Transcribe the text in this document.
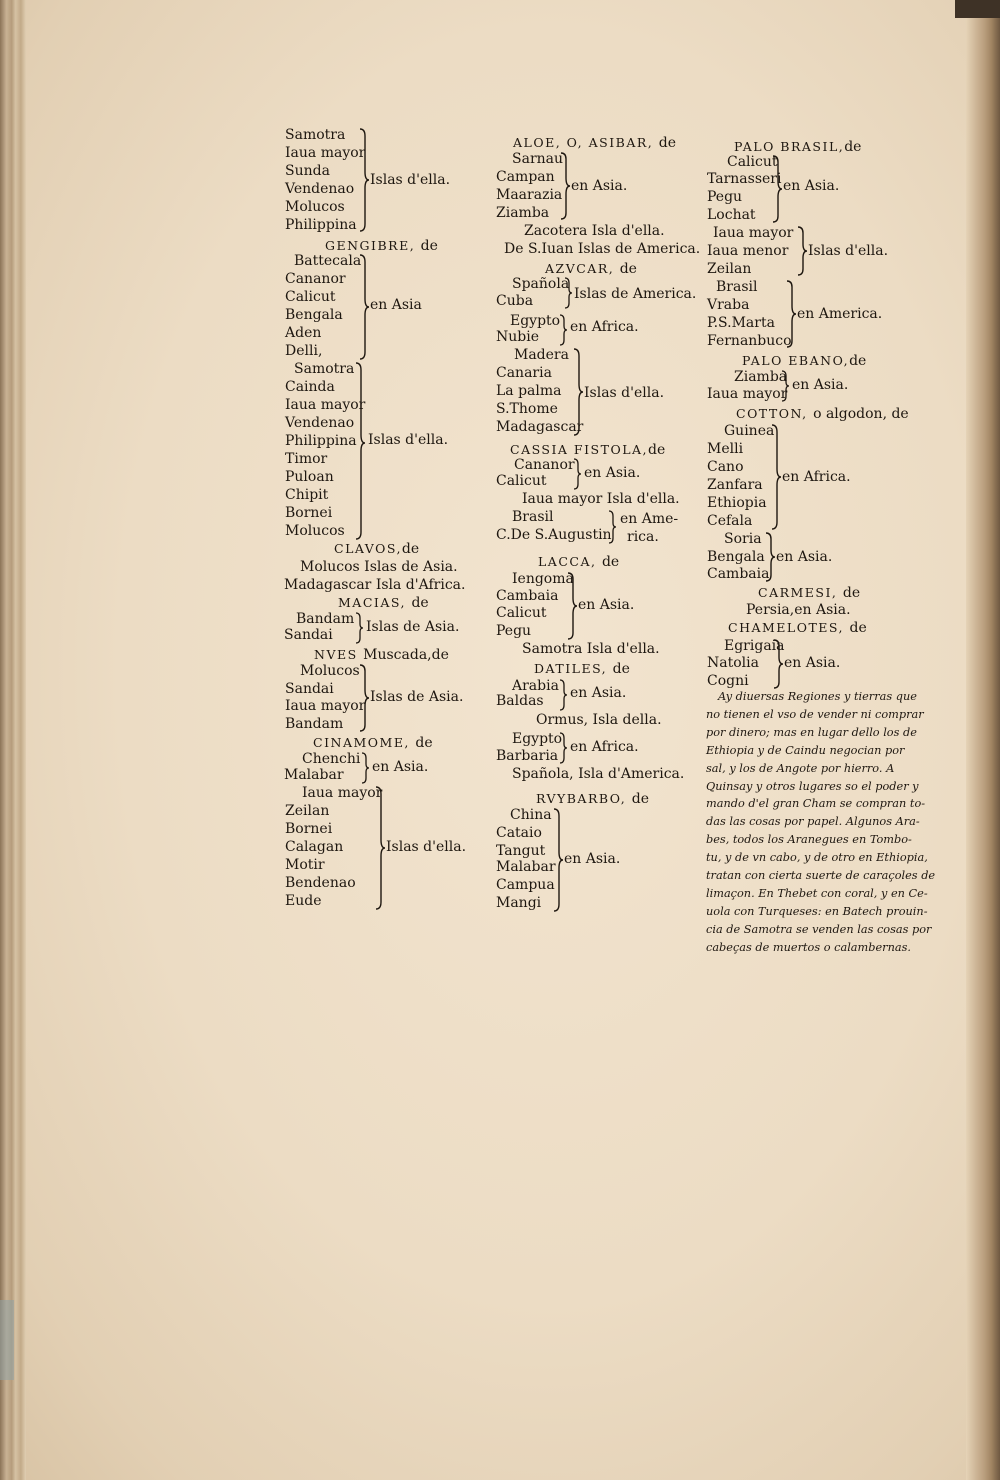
Samotra
Iaua mayor
Sunda
Vendenao
Molucos
Philippina
Islas d'ella.
GENGIBRE, de
Battecala
Cananor
Calicut
Bengala
Aden
Delli,
en Asia
Samotra
Cainda
Iaua mayor
Vendenao
Philippina
Timor
Puloan
Chipit
Bornei
Molucos
Islas d'ella.
CLAVOS,de
Molucos Islas de Asia.
Madagascar Isla d'Africa.
MACIAS, de
Bandam
Sandai Islas de Asia.
NVES Muscada,de
Molucos
Sandai
Iaua mayor
Bandam
Islas de Asia.
CINAMOME, de
Chenchi
Malabar en Asia.
Iaua mayor
Zeilan
Bornei
Calagan
Motir
Bendenao
Eude
Islas d'ella.
ALOE, O, ASIBAR, de
Sarnau
Campan
Maarazia
Ziamba
en Asia.
Zacotera Isla d'ella.
De S.Iuan Islas de America.
AZVCAR, de
Spañola
Cuba	Islas de America.
Egypto
Nubie
en Africa.
Madera
Canaria
La palma
S.Thome
Madagascar
Islas d'ella.
CASSIA FISTOLA,de
Cananor
Calicut	en Asia.
Iaua mayor Isla d'ella.
Brasil
C.De S.Augustin
en Ame-
rica.
LACCA, de
Iengoma
Cambaia
Calicut
Pegu
en Asia.
Samotra Isla d'ella.
DATILES, de
Arabia
Baldas en Asia.
Ormus, Isla della.
Egypto
Barbaria
en Africa.
Spañola, Isla d'America.
RVYBARBO, de
China
Cataio
Tangut
Malabar
Campua
Mangi
en Asia.
PALO BRASIL,de
Calicut
Tarnasseri
Pegu
Lochat
en Asia.
Iaua mayor
Iaua menor
Zeilan
Islas d'ella.
Brasil
Vraba
P.S.Marta
Fernanbuco
en America.
PALO EBANO,de
Ziamba
Iaua mayor
en Asia.
COTTON, o algodon, de
Guinea
Melli
Cano
Zanfara
Ethiopia
Cefala
en Africa.
Soria
Bengala
Cambaia
en Asia.
CARMESI, de
Persia,en Asia.
CHAMELOTES, de
Egrigaia
Natolia
Cogni
en Asia.
Ay diuersas Regiones y tierras que
no tienen el vso de vender ni comprar
por dinero; mas en lugar dello los de
Ethiopia y de Caindu negocian por
sal, y los de Angote por hierro. A
Quinsay y otros lugares so el poder y
mando d'el gran Cham se compran to-
das las cosas por papel. Algunos Ara-
bes, todos los Aranegues en Tombo-
tu, y de vn cabo, y de otro en Ethiopia,
tratan con cierta suerte de caraçoles de
limaçon. En Thebet con coral, y en Ce-
uola con Turqueses: en Batech prouin-
cia de Samotra se venden las cosas por
cabeças de muertos o calambernas.
